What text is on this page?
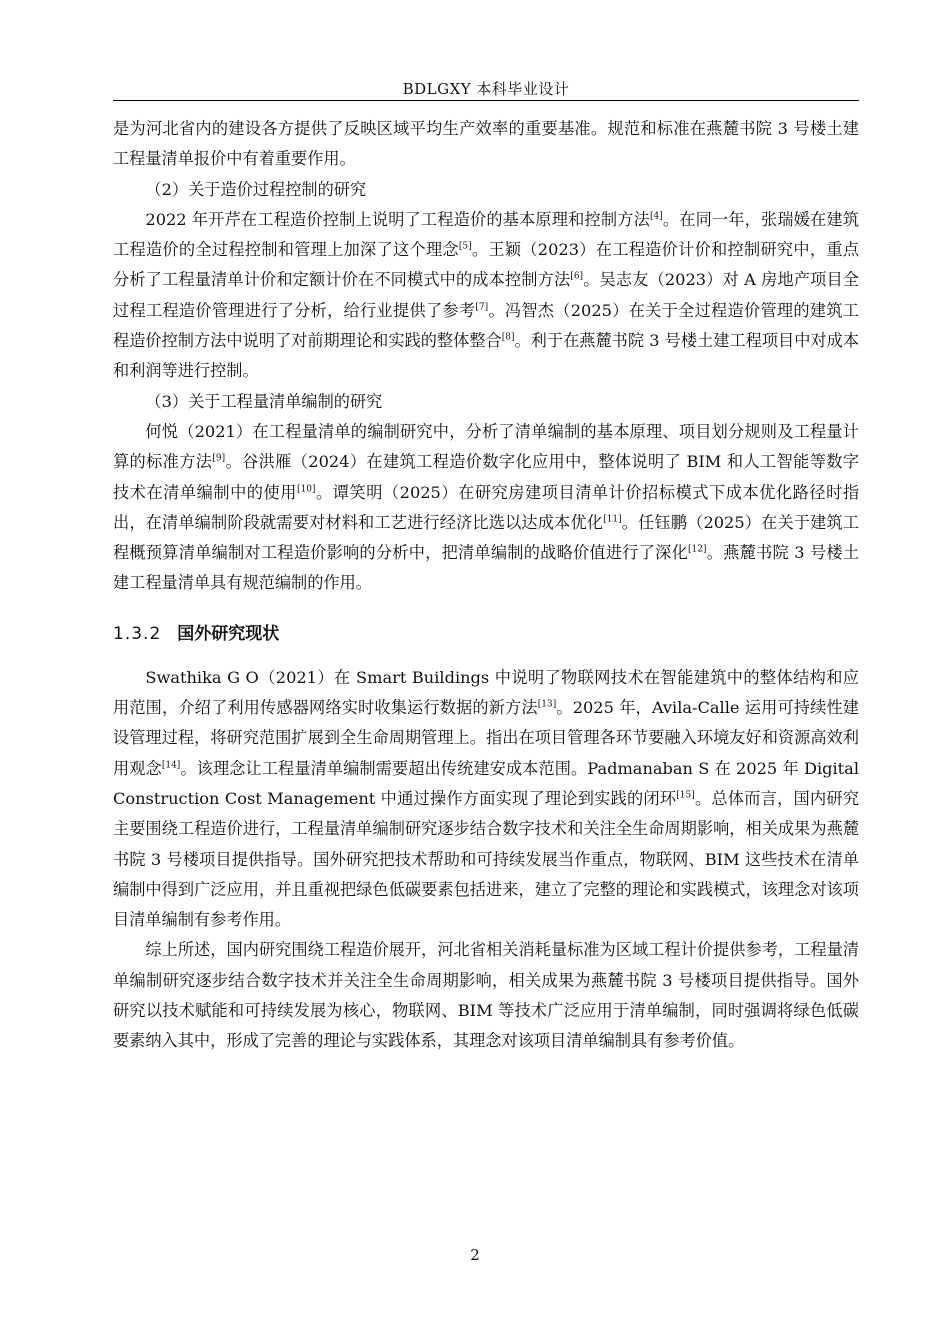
BDLGXY 本科毕业设计

是为河北省内的建设各方提供了反映区域平均生产效率的重要基准。规范和标准在燕麓书院 3 号楼土建工程量清单报价中有着重要作用。

（2）关于造价过程控制的研究

2022 年开芹在工程造价控制上说明了工程造价的基本原理和控制方法[4]。在同一年，张瑞媛在建筑工程造价的全过程控制和管理上加深了这个理念[5]。王颖（2023）在工程造价计价和控制研究中，重点分析了工程量清单计价和定额计价在不同模式中的成本控制方法[6]。吴志友（2023）对 A 房地产项目全过程工程造价管理进行了分析，给行业提供了参考[7]。冯智杰（2025）在关于全过程造价管理的建筑工程造价控制方法中说明了对前期理论和实践的整体整合[8]。利于在燕麓书院 3 号楼土建工程项目中对成本和利润等进行控制。

（3）关于工程量清单编制的研究

何悦（2021）在工程量清单的编制研究中，分析了清单编制的基本原理、项目划分规则及工程量计算的标准方法[9]。谷洪雁（2024）在建筑工程造价数字化应用中，整体说明了 BIM 和人工智能等数字技术在清单编制中的使用[10]。谭笑明（2025）在研究房建项目清单计价招标模式下成本优化路径时指出，在清单编制阶段就需要对材料和工艺进行经济比选以达成本优化[11]。任钰鹏（2025）在关于建筑工程概预算清单编制对工程造价影响的分析中，把清单编制的战略价值进行了深化[12]。燕麓书院 3 号楼土建工程量清单具有规范编制的作用。

1.3.2 国外研究现状

Swathika G O（2021）在 Smart Buildings 中说明了物联网技术在智能建筑中的整体结构和应用范围，介绍了利用传感器网络实时收集运行数据的新方法[13]。2025 年，Avila-Calle 运用可持续性建设管理过程，将研究范围扩展到全生命周期管理上。指出在项目管理各环节要融入环境友好和资源高效利用观念[14]。该理念让工程量清单编制需要超出传统建安成本范围。Padmanaban S 在 2025 年 Digital Construction Cost Management 中通过操作方面实现了理论到实践的闭环[15]。总体而言，国内研究主要围绕工程造价进行，工程量清单编制研究逐步结合数字技术和关注全生命周期影响，相关成果为燕麓书院 3 号楼项目提供指导。国外研究把技术帮助和可持续发展当作重点，物联网、BIM 这些技术在清单编制中得到广泛应用，并且重视把绿色低碳要素包括进来，建立了完整的理论和实践模式，该理念对该项目清单编制有参考作用。

综上所述，国内研究围绕工程造价展开，河北省相关消耗量标准为区域工程计价提供参考，工程量清单编制研究逐步结合数字技术并关注全生命周期影响，相关成果为燕麓书院 3 号楼项目提供指导。国外研究以技术赋能和可持续发展为核心，物联网、BIM 等技术广泛应用于清单编制，同时强调将绿色低碳要素纳入其中，形成了完善的理论与实践体系，其理念对该项目清单编制具有参考价值。

2
